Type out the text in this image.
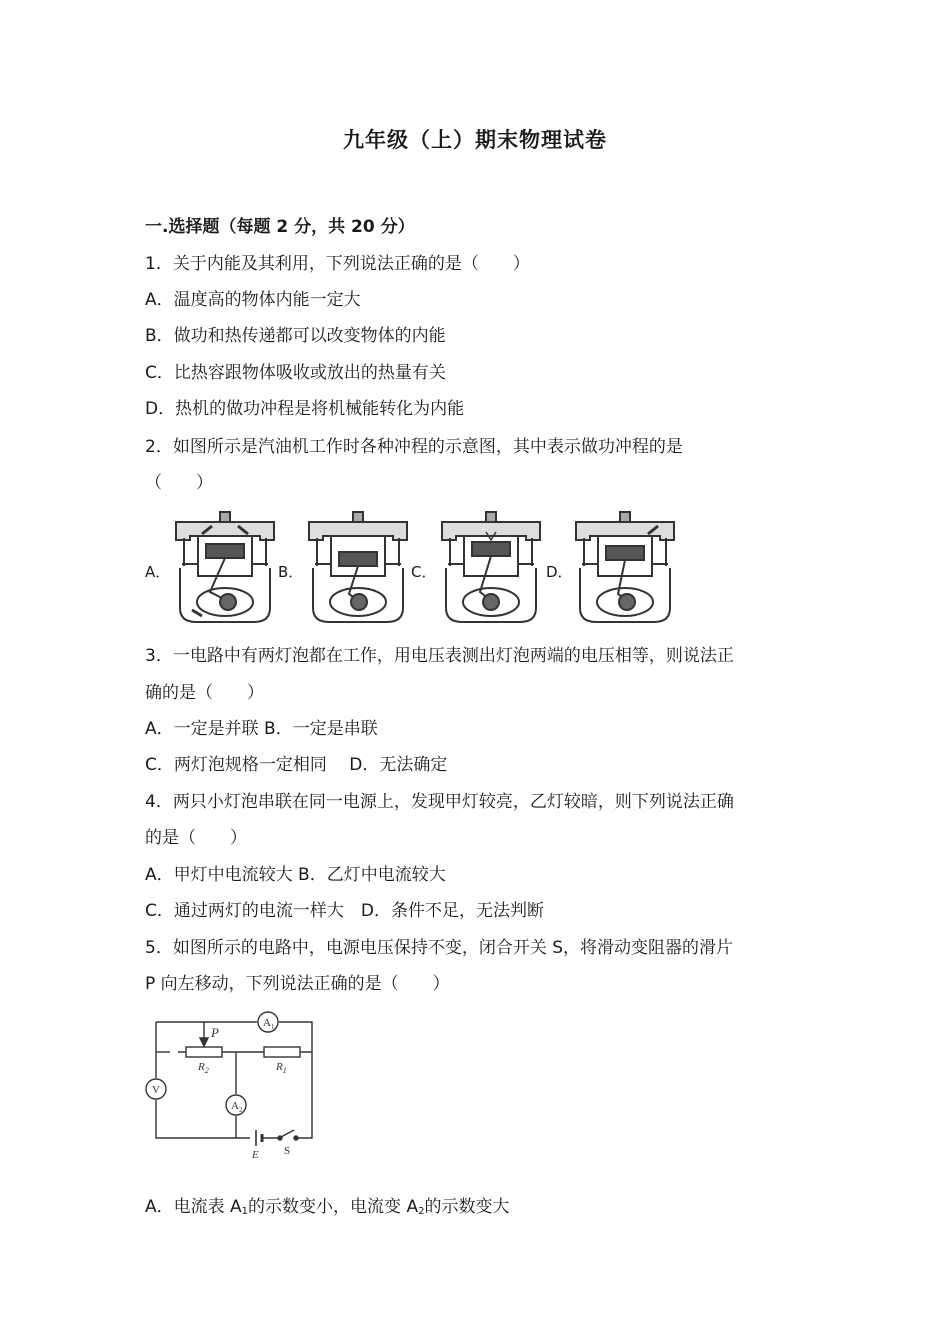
九年级（上）期末物理试卷
一.选择题（每题 2 分，共 20 分）
1．关于内能及其利用，下列说法正确的是（　　）
A．温度高的物体内能一定大
B．做功和热传递都可以改变物体的内能
C．比热容跟物体吸收或放出的热量有关
D．热机的做功冲程是将机械能转化为内能
2．如图所示是汽油机工作时各种冲程的示意图，其中表示做功冲程的是
（　　）
A．	B．	C．	D．
3．一电路中有两灯泡都在工作，用电压表测出灯泡两端的电压相等，则说法正
确的是（　　）
A．一定是并联 B．一定是串联
C．两灯泡规格一定相同　 D．无法确定
4．两只小灯泡串联在同一电源上，发现甲灯较亮，乙灯较暗，则下列说法正确
的是（　　）
A．甲灯中电流较大 B．乙灯中电流较大
C．通过两灯的电流一样大　D．条件不足，无法判断
5．如图所示的电路中，电源电压保持不变，闭合开关 S，将滑动变阻器的滑片
P 向左移动，下列说法正确的是（　　）
P
$R_2$	$R_1$
$A_1$
$A_2$
V
E S
A．电流表 $A_1$的示数变小，电流变 $A_2$的示数变大
